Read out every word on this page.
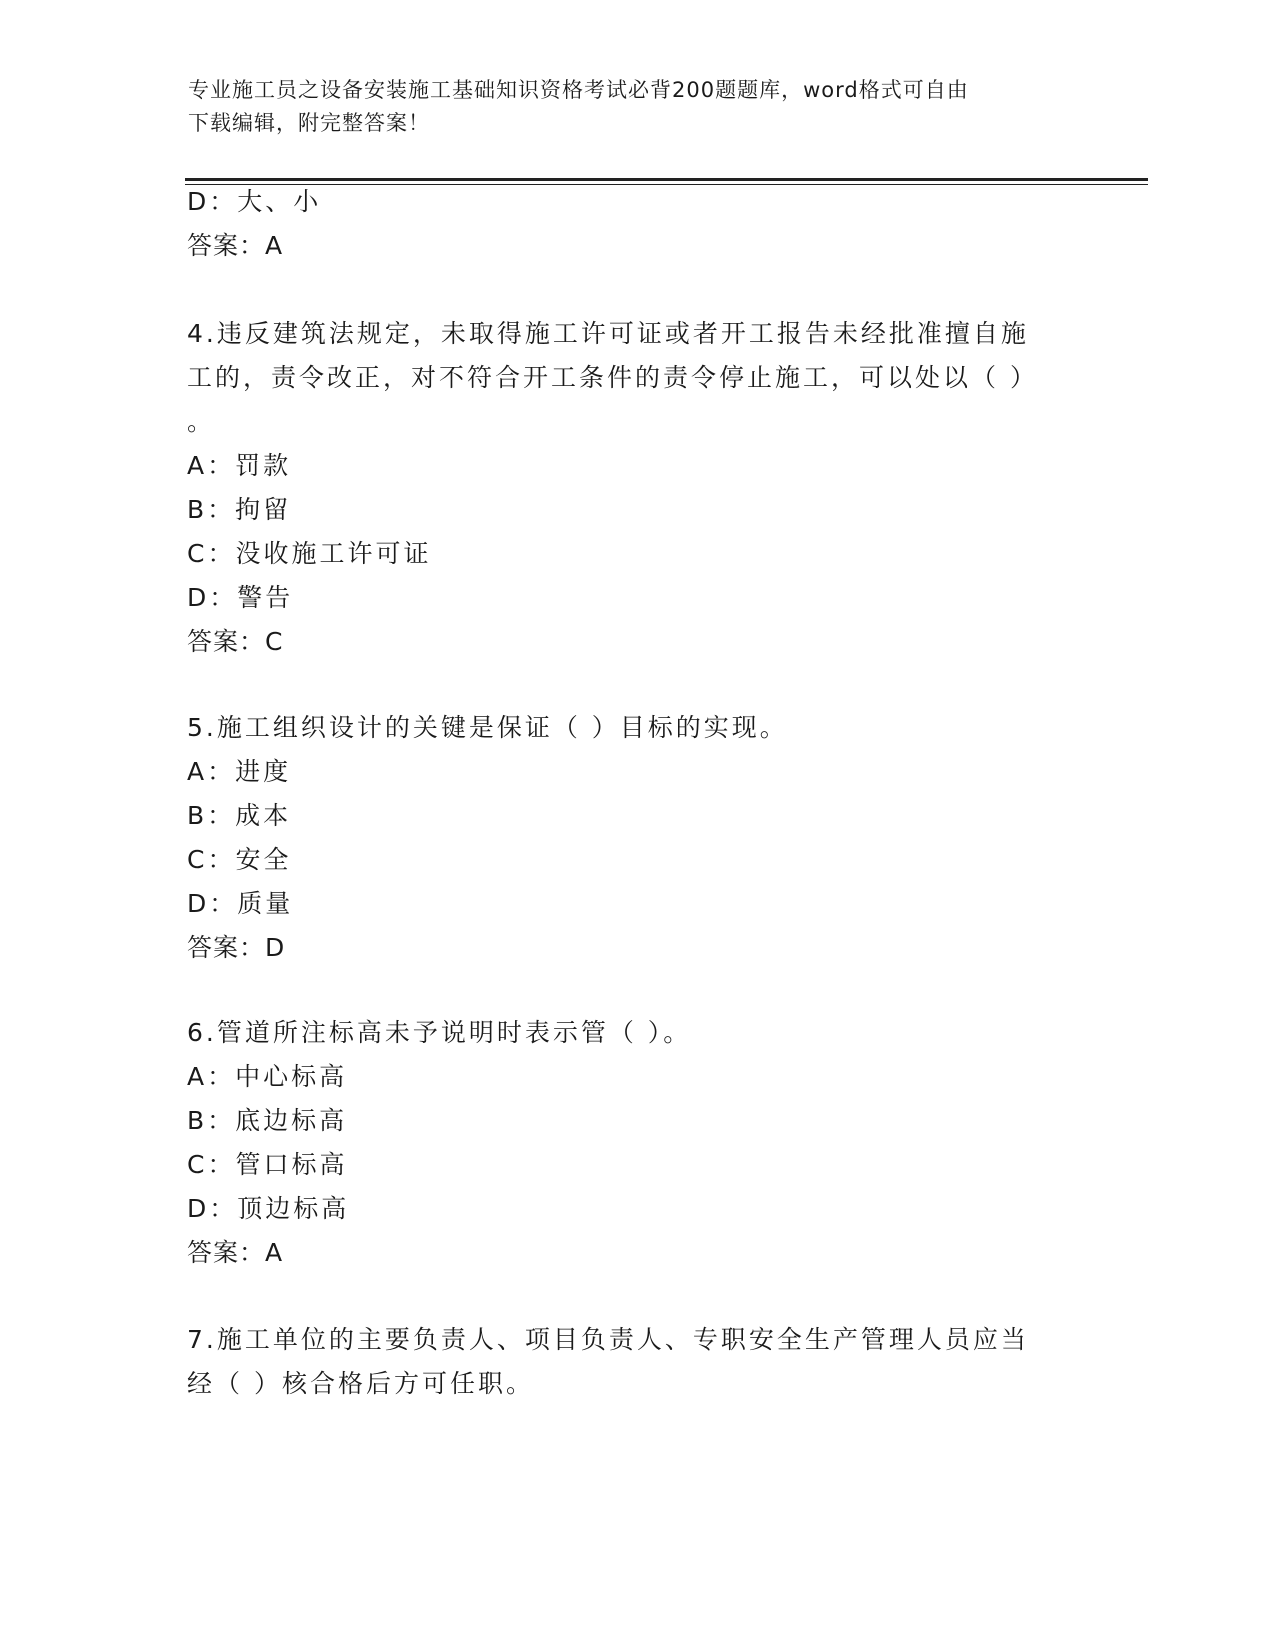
专业施工员之设备安装施工基础知识资格考试必背200题题库，word格式可自由
下载编辑，附完整答案！
D：大、小
答案：A
4.违反建筑法规定，未取得施工许可证或者开工报告未经批准擅自施
工的，责令改正，对不符合开工条件的责令停止施工，可以处以（ ）
。
A：罚款
B：拘留
C：没收施工许可证
D：警告
答案：C
5.施工组织设计的关键是保证（ ）目标的实现。
A：进度
B：成本
C：安全
D：质量
答案：D
6.管道所注标高未予说明时表示管（ ）。
A：中心标高
B：底边标高
C：管口标高
D：顶边标高
答案：A
7.施工单位的主要负责人、项目负责人、专职安全生产管理人员应当
经（ ）核合格后方可任职。
